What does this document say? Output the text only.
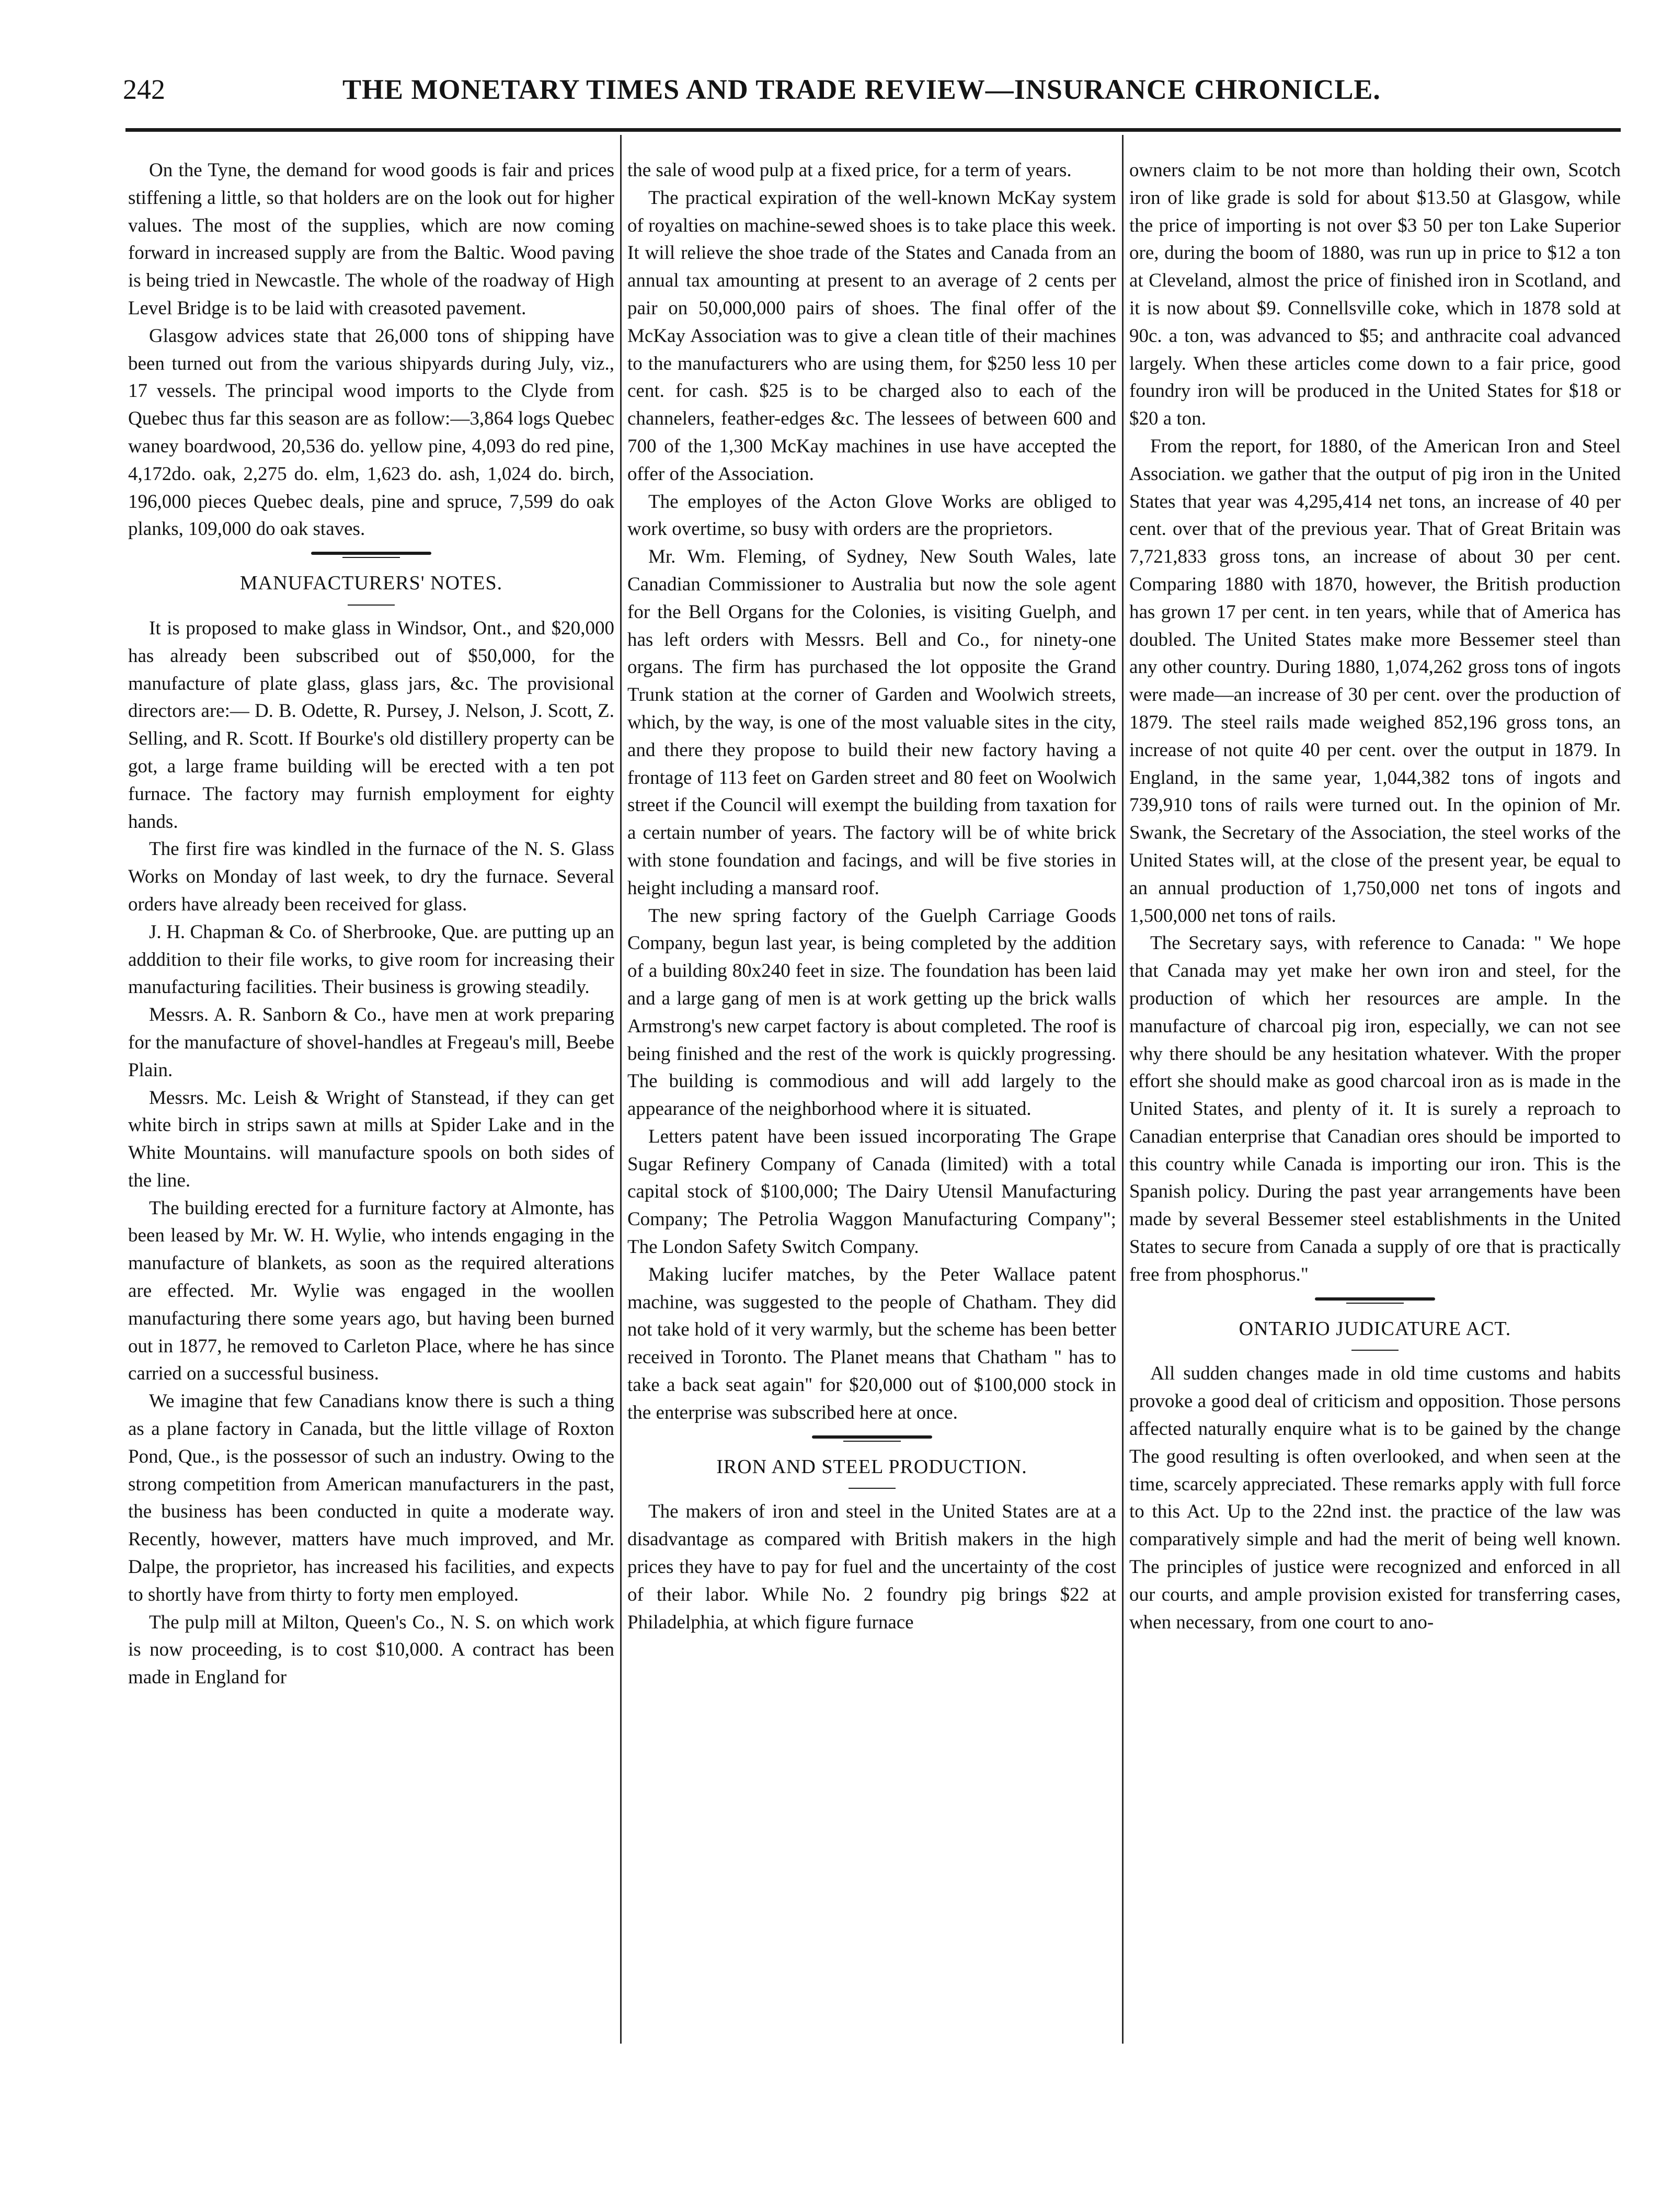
242	THE MONETARY TIMES AND TRADE REVIEW—INSURANCE CHRONICLE.

On the Tyne, the demand for wood goods is fair and prices stiffening a little, so that holders are on the look out for higher values. The most of the supplies, which are now coming forward in increased supply are from the Baltic. Wood paving is being tried in Newcastle. The whole of the roadway of High Level Bridge is to be laid with creasoted pavement.

Glasgow advices state that 26,000 tons of shipping have been turned out from the various shipyards during July, viz., 17 vessels. The principal wood imports to the Clyde from Quebec thus far this season are as follow:—3,864 logs Quebec waney boardwood, 20,536 do. yellow pine, 4,093 do red pine, 4,172do. oak, 2,275 do. elm, 1,623 do. ash, 1,024 do. birch, 196,000 pieces Quebec deals, pine and spruce, 7,599 do oak planks, 109,000 do oak staves.

MANUFACTURERS' NOTES.

It is proposed to make glass in Windsor, Ont., and $20,000 has already been subscribed out of $50,000, for the manufacture of plate glass, glass jars, &c. The provisional directors are:— D. B. Odette, R. Pursey, J. Nelson, J. Scott, Z. Selling, and R. Scott. If Bourke's old distillery property can be got, a large frame building will be erected with a ten pot furnace. The factory may furnish employment for eighty hands.

The first fire was kindled in the furnace of the N. S. Glass Works on Monday of last week, to dry the furnace. Several orders have already been received for glass.

J. H. Chapman & Co. of Sherbrooke, Que. are putting up an adddition to their file works, to give room for increasing their manufacturing facilities. Their business is growing steadily.

Messrs. A. R. Sanborn & Co., have men at work preparing for the manufacture of shovel-handles at Fregeau's mill, Beebe Plain.

Messrs. Mc. Leish & Wright of Stanstead, if they can get white birch in strips sawn at mills at Spider Lake and in the White Mountains. will manufacture spools on both sides of the line.

The building erected for a furniture factory at Almonte, has been leased by Mr. W. H. Wylie, who intends engaging in the manufacture of blankets, as soon as the required alterations are effected. Mr. Wylie was engaged in the woollen manufacturing there some years ago, but having been burned out in 1877, he removed to Carleton Place, where he has since carried on a successful business.

We imagine that few Canadians know there is such a thing as a plane factory in Canada, but the little village of Roxton Pond, Que., is the possessor of such an industry. Owing to the strong competition from American manufacturers in the past, the business has been conducted in quite a moderate way. Recently, however, matters have much improved, and Mr. Dalpe, the proprietor, has increased his facilities, and expects to shortly have from thirty to forty men employed.

The pulp mill at Milton, Queen's Co., N. S. on which work is now proceeding, is to cost $10,000. A contract has been made in England for

the sale of wood pulp at a fixed price, for a term of years.

The practical expiration of the well-known McKay system of royalties on machine-sewed shoes is to take place this week. It will relieve the shoe trade of the States and Canada from an annual tax amounting at present to an average of 2 cents per pair on 50,000,000 pairs of shoes. The final offer of the McKay Association was to give a clean title of their machines to the manufacturers who are using them, for $250 less 10 per cent. for cash. $25 is to be charged also to each of the channelers, feather-edges &c. The lessees of between 600 and 700 of the 1,300 McKay machines in use have accepted the offer of the Association.

The employes of the Acton Glove Works are obliged to work overtime, so busy with orders are the proprietors.

Mr. Wm. Fleming, of Sydney, New South Wales, late Canadian Commissioner to Australia but now the sole agent for the Bell Organs for the Colonies, is visiting Guelph, and has left orders with Messrs. Bell and Co., for ninety-one organs. The firm has purchased the lot opposite the Grand Trunk station at the corner of Garden and Woolwich streets, which, by the way, is one of the most valuable sites in the city, and there they propose to build their new factory having a frontage of 113 feet on Garden street and 80 feet on Woolwich street if the Council will exempt the building from taxation for a certain number of years. The factory will be of white brick with stone foundation and facings, and will be five stories in height including a mansard roof.

The new spring factory of the Guelph Carriage Goods Company, begun last year, is being completed by the addition of a building 80x240 feet in size. The foundation has been laid and a large gang of men is at work getting up the brick walls Armstrong's new carpet factory is about completed. The roof is being finished and the rest of the work is quickly progressing. The building is commodious and will add largely to the appearance of the neighborhood where it is situated.

Letters patent have been issued incorporating The Grape Sugar Refinery Company of Canada (limited) with a total capital stock of $100,000; The Dairy Utensil Manufacturing Company; The Petrolia Waggon Manufacturing Company"; The London Safety Switch Company.

Making lucifer matches, by the Peter Wallace patent machine, was suggested to the people of Chatham. They did not take hold of it very warmly, but the scheme has been better received in Toronto. The Planet means that Chatham " has to take a back seat again" for $20,000 out of $100,000 stock in the enterprise was subscribed here at once.

IRON AND STEEL PRODUCTION.

The makers of iron and steel in the United States are at a disadvantage as compared with British makers in the high prices they have to pay for fuel and the uncertainty of the cost of their labor. While No. 2 foundry pig brings $22 at Philadelphia, at which figure furnace

owners claim to be not more than holding their own, Scotch iron of like grade is sold for about $13.50 at Glasgow, while the price of importing is not over $3 50 per ton Lake Superior ore, during the boom of 1880, was run up in price to $12 a ton at Cleveland, almost the price of finished iron in Scotland, and it is now about $9. Connellsville coke, which in 1878 sold at 90c. a ton, was advanced to $5; and anthracite coal advanced largely. When these articles come down to a fair price, good foundry iron will be produced in the United States for $18 or $20 a ton.

From the report, for 1880, of the American Iron and Steel Association. we gather that the output of pig iron in the United States that year was 4,295,414 net tons, an increase of 40 per cent. over that of the previous year. That of Great Britain was 7,721,833 gross tons, an increase of about 30 per cent. Comparing 1880 with 1870, however, the British production has grown 17 per cent. in ten years, while that of America has doubled. The United States make more Bessemer steel than any other country. During 1880, 1,074,262 gross tons of ingots were made—an increase of 30 per cent. over the production of 1879. The steel rails made weighed 852,196 gross tons, an increase of not quite 40 per cent. over the output in 1879. In England, in the same year, 1,044,382 tons of ingots and 739,910 tons of rails were turned out. In the opinion of Mr. Swank, the Secretary of the Association, the steel works of the United States will, at the close of the present year, be equal to an annual production of 1,750,000 net tons of ingots and 1,500,000 net tons of rails.

The Secretary says, with reference to Canada: " We hope that Canada may yet make her own iron and steel, for the production of which her resources are ample. In the manufacture of charcoal pig iron, especially, we can not see why there should be any hesitation whatever. With the proper effort she should make as good charcoal iron as is made in the United States, and plenty of it. It is surely a reproach to Canadian enterprise that Canadian ores should be imported to this country while Canada is importing our iron. This is the Spanish policy. During the past year arrangements have been made by several Bessemer steel establishments in the United States to secure from Canada a supply of ore that is practically free from phosphorus."

ONTARIO JUDICATURE ACT.

All sudden changes made in old time customs and habits provoke a good deal of criticism and opposition. Those persons affected naturally enquire what is to be gained by the change The good resulting is often overlooked, and when seen at the time, scarcely appreciated. These remarks apply with full force to this Act. Up to the 22nd inst. the practice of the law was comparatively simple and had the merit of being well known. The principles of justice were recognized and enforced in all our courts, and ample provision existed for transferring cases, when necessary, from one court to ano-
